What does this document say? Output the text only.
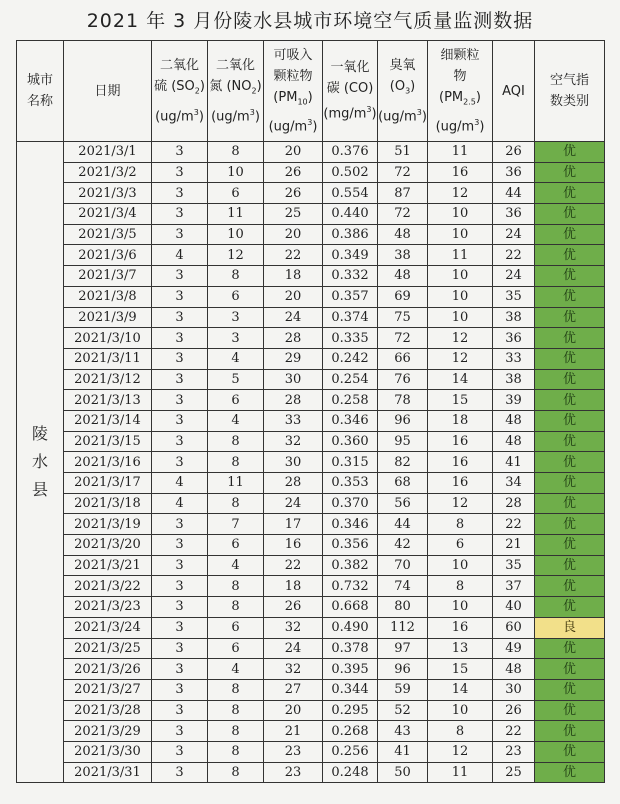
2021 年 3 月份陵水县城市环境空气质量监测数据
城市
名称	日期	二氧化
硫 $(SO_2)$
$(ug/m^3)$	二氧化
氮 $(NO_2)$
$(ug/m^3)$	可吸入
颗粒物
$(PM_{10})$
$(ug/m^3)$	一氧化
碳 (CO)
$(mg/m^3)$	臭氧
$(O_3)$
$(ug/m^3)$	细颗粒
物
$(PM_{2.5})$
$(ug/m^3)$	AQI	空气指
数类别
陵
水
县	2021/3/1	3	8	20	0.376	51	11	26	优
	2021/3/2	3	10	26	0.502	72	16	36	优
	2021/3/3	3	6	26	0.554	87	12	44	优
	2021/3/4	3	11	25	0.440	72	10	36	优
	2021/3/5	3	10	20	0.386	48	10	24	优
	2021/3/6	4	12	22	0.349	38	11	22	优
	2021/3/7	3	8	18	0.332	48	10	24	优
	2021/3/8	3	6	20	0.357	69	10	35	优
	2021/3/9	3	3	24	0.374	75	10	38	优
	2021/3/10	3	3	28	0.335	72	12	36	优
	2021/3/11	3	4	29	0.242	66	12	33	优
	2021/3/12	3	5	30	0.254	76	14	38	优
	2021/3/13	3	6	28	0.258	78	15	39	优
	2021/3/14	3	4	33	0.346	96	18	48	优
	2021/3/15	3	8	32	0.360	95	16	48	优
	2021/3/16	3	8	30	0.315	82	16	41	优
	2021/3/17	4	11	28	0.353	68	16	34	优
	2021/3/18	4	8	24	0.370	56	12	28	优
	2021/3/19	3	7	17	0.346	44	8	22	优
	2021/3/20	3	6	16	0.356	42	6	21	优
	2021/3/21	3	4	22	0.382	70	10	35	优
	2021/3/22	3	8	18	0.732	74	8	37	优
	2021/3/23	3	8	26	0.668	80	10	40	优
	2021/3/24	3	6	32	0.490	112	16	60	良
	2021/3/25	3	6	24	0.378	97	13	49	优
	2021/3/26	3	4	32	0.395	96	15	48	优
	2021/3/27	3	8	27	0.344	59	14	30	优
	2021/3/28	3	8	20	0.295	52	10	26	优
	2021/3/29	3	8	21	0.268	43	8	22	优
	2021/3/30	3	8	23	0.256	41	12	23	优
	2021/3/31	3	8	23	0.248	50	11	25	优
